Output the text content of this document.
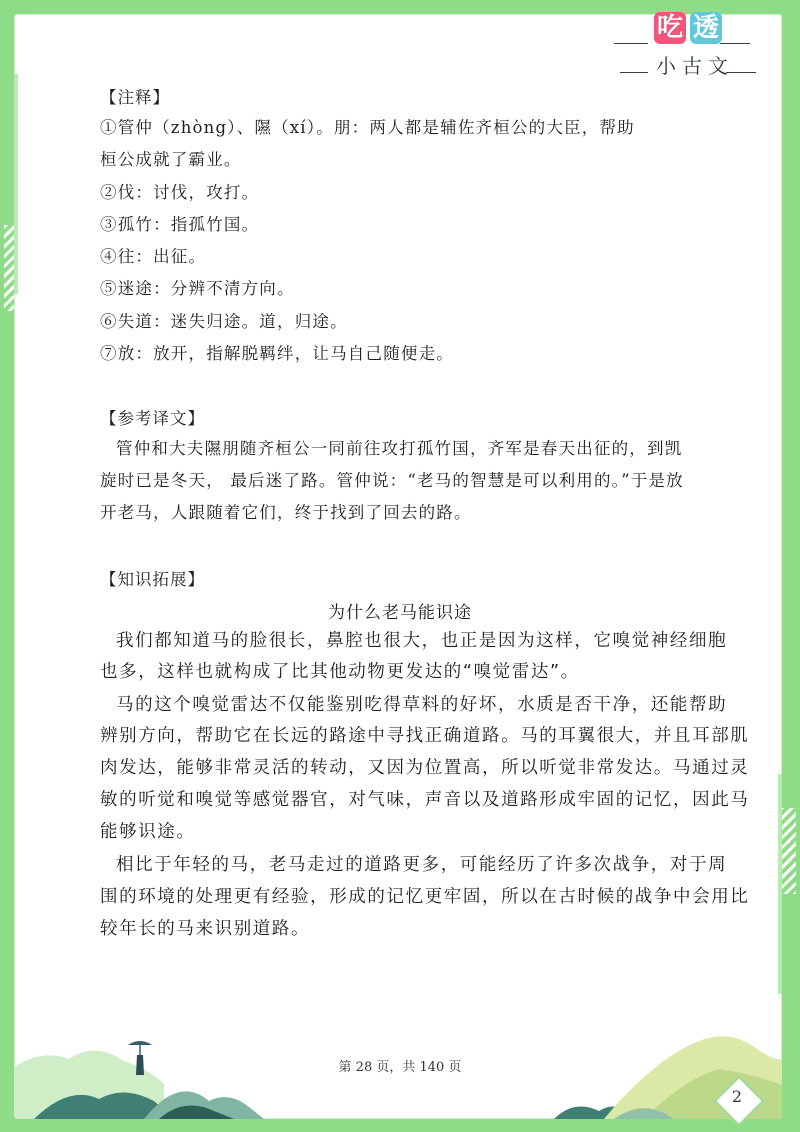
吃 透
小古文
【注释】
①管仲（zhòng）、隰（xí）。朋：两人都是辅佐齐桓公的大臣，帮助
桓公成就了霸业。
②伐：讨伐，攻打。
③孤竹：指孤竹国。
④往：出征。
⑤迷途：分辨不清方向。
⑥失道：迷失归途。道，归途。
⑦放：放开，指解脱羁绊，让马自己随便走。
【参考译文】
管仲和大夫隰朋随齐桓公一同前往攻打孤竹国，齐军是春天出征的，到凯
旋时已是冬天， 最后迷了路。管仲说：“老马的智慧是可以利用的。”于是放
开老马，人跟随着它们，终于找到了回去的路。
【知识拓展】
为什么老马能识途
我们都知道马的脸很长，鼻腔也很大，也正是因为这样，它嗅觉神经细胞
也多，这样也就构成了比其他动物更发达的“嗅觉雷达”。
马的这个嗅觉雷达不仅能鉴别吃得草料的好坏，水质是否干净，还能帮助
辨别方向，帮助它在长远的路途中寻找正确道路。马的耳翼很大，并且耳部肌
肉发达，能够非常灵活的转动，又因为位置高，所以听觉非常发达。马通过灵
敏的听觉和嗅觉等感觉器官，对气味，声音以及道路形成牢固的记忆，因此马
能够识途。
相比于年轻的马，老马走过的道路更多，可能经历了许多次战争，对于周
围的环境的处理更有经验，形成的记忆更牢固，所以在古时候的战争中会用比
较年长的马来识别道路。
第 28 页，共 140 页
2
